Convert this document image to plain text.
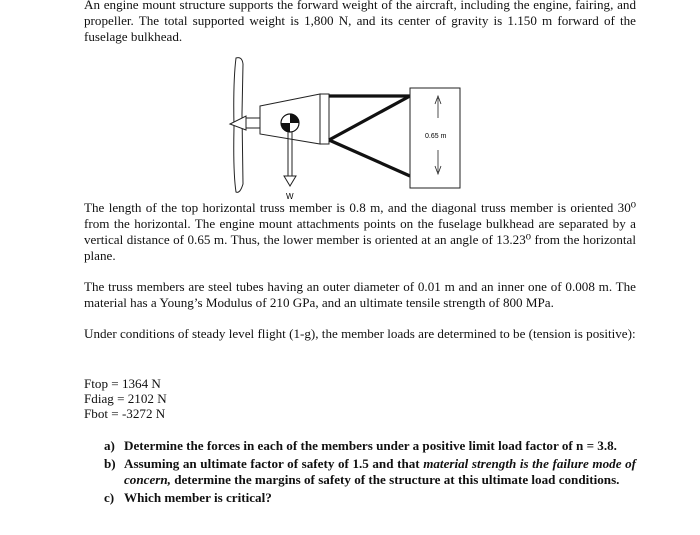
An engine mount structure supports the forward weight of the aircraft, including the engine, fairing, and propeller. The total supported weight is 1,800 N, and its center of gravity is 1.150 m forward of the fuselage bulkhead.

W
0.65 m

The length of the top horizontal truss member is 0.8 m, and the diagonal truss member is oriented 30⁰ from the horizontal. The engine mount attachments points on the fuselage bulkhead are separated by a vertical distance of 0.65 m. Thus, the lower member is oriented at an angle of 13.23⁰ from the horizontal plane.

The truss members are steel tubes having an outer diameter of 0.01 m and an inner one of 0.008 m. The material has a Young’s Modulus of 210 GPa, and an ultimate tensile strength of 800 MPa.

Under conditions of steady level flight (1-g), the member loads are determined to be (tension is positive):

Ftop = 1364 N
Fdiag = 2102 N
Fbot = -3272 N
a) Determine the forces in each of the members under a positive limit load factor of n = 3.8.
b) Assuming an ultimate factor of safety of 1.5 and that material strength is the failure mode of concern, determine the margins of safety of the structure at this ultimate load conditions.
c) Which member is critical?
